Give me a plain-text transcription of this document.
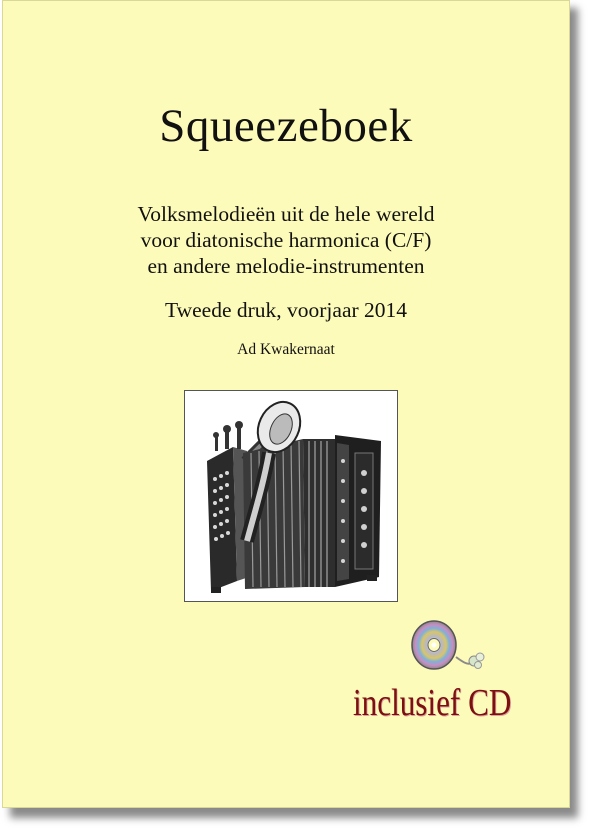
Squeezeboek
Volksmelodieën uit de hele wereld
voor diatonische harmonica (C/F)
en andere melodie-instrumenten
Tweede druk, voorjaar 2014
Ad Kwakernaat
inclusief CD
